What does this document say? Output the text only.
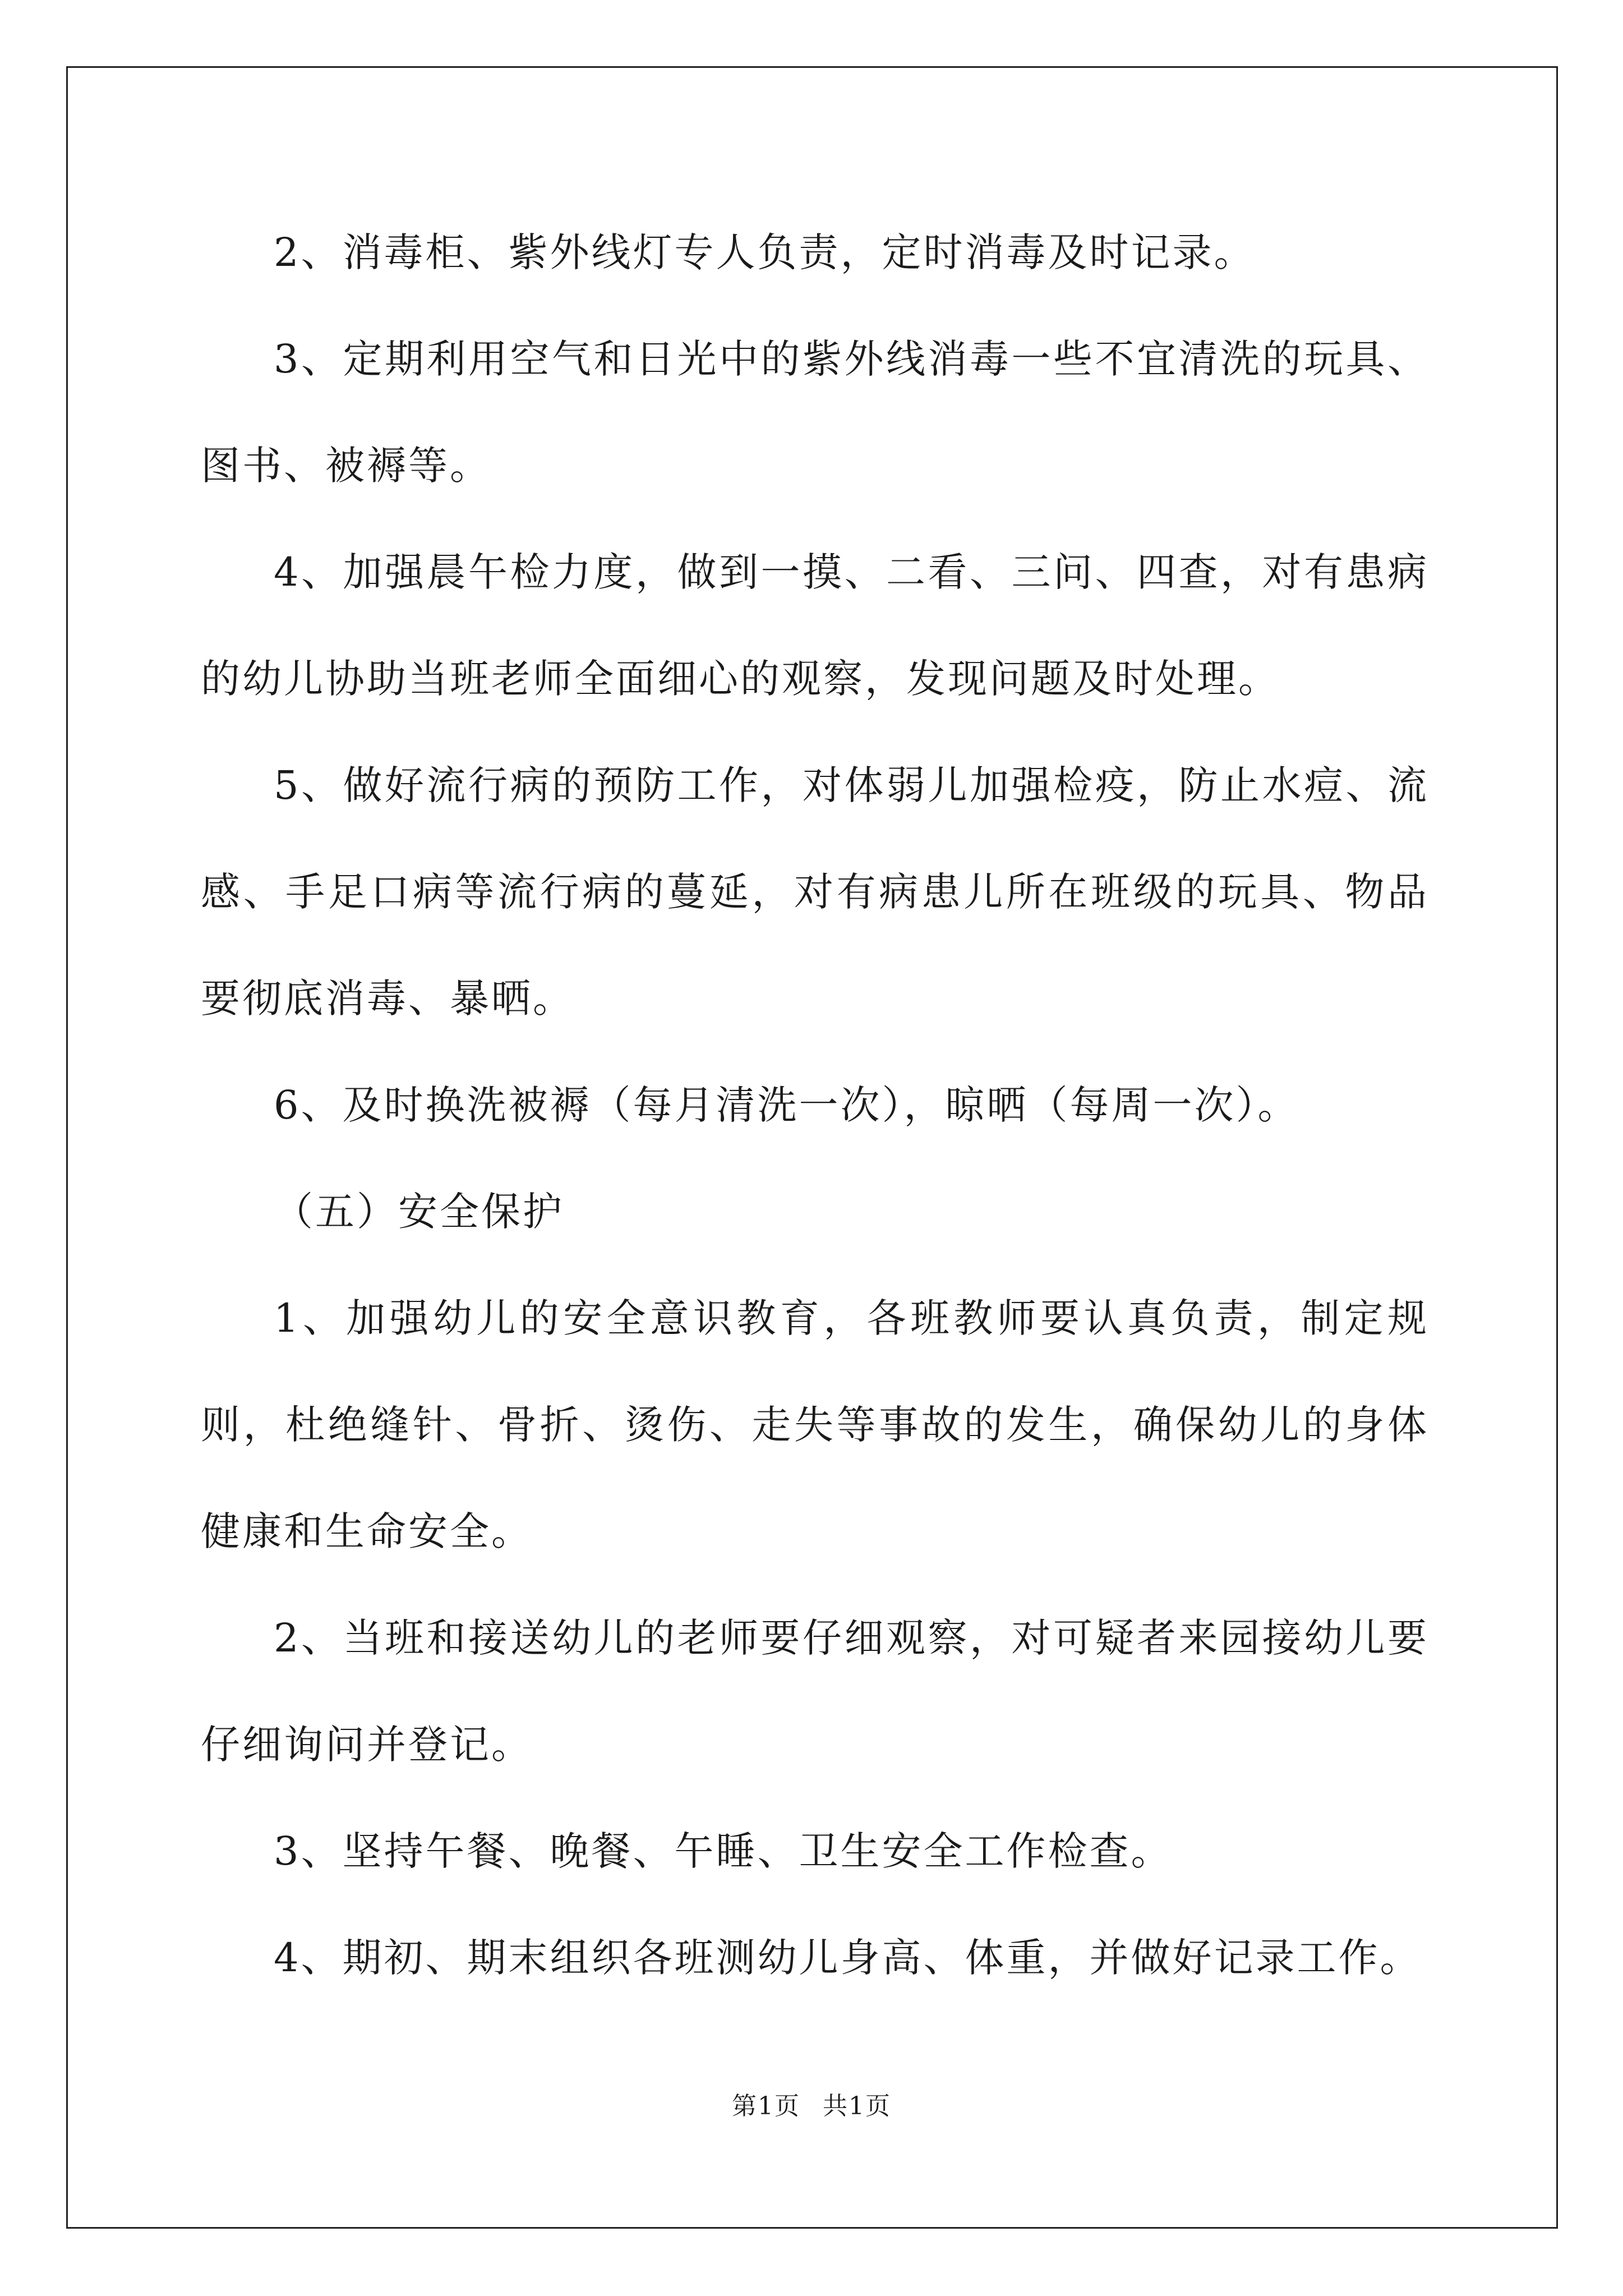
2、消毒柜、紫外线灯专人负责，定时消毒及时记录。

3、定期利用空气和日光中的紫外线消毒一些不宜清洗的玩具、图书、被褥等。

4、加强晨午检力度，做到一摸、二看、三问、四查，对有患病的幼儿协助当班老师全面细心的观察，发现问题及时处理。

5、做好流行病的预防工作，对体弱儿加强检疫，防止水痘、流感、手足口病等流行病的蔓延，对有病患儿所在班级的玩具、物品要彻底消毒、暴晒。

6、及时换洗被褥（每月清洗一次），晾晒（每周一次）。

（五）安全保护

1、加强幼儿的安全意识教育，各班教师要认真负责，制定规则，杜绝缝针、骨折、烫伤、走失等事故的发生，确保幼儿的身体健康和生命安全。

2、当班和接送幼儿的老师要仔细观察，对可疑者来园接幼儿要仔细询问并登记。

3、坚持午餐、晚餐、午睡、卫生安全工作检查。

4、期初、期末组织各班测幼儿身高、体重，并做好记录工作。

第1页 共1页
